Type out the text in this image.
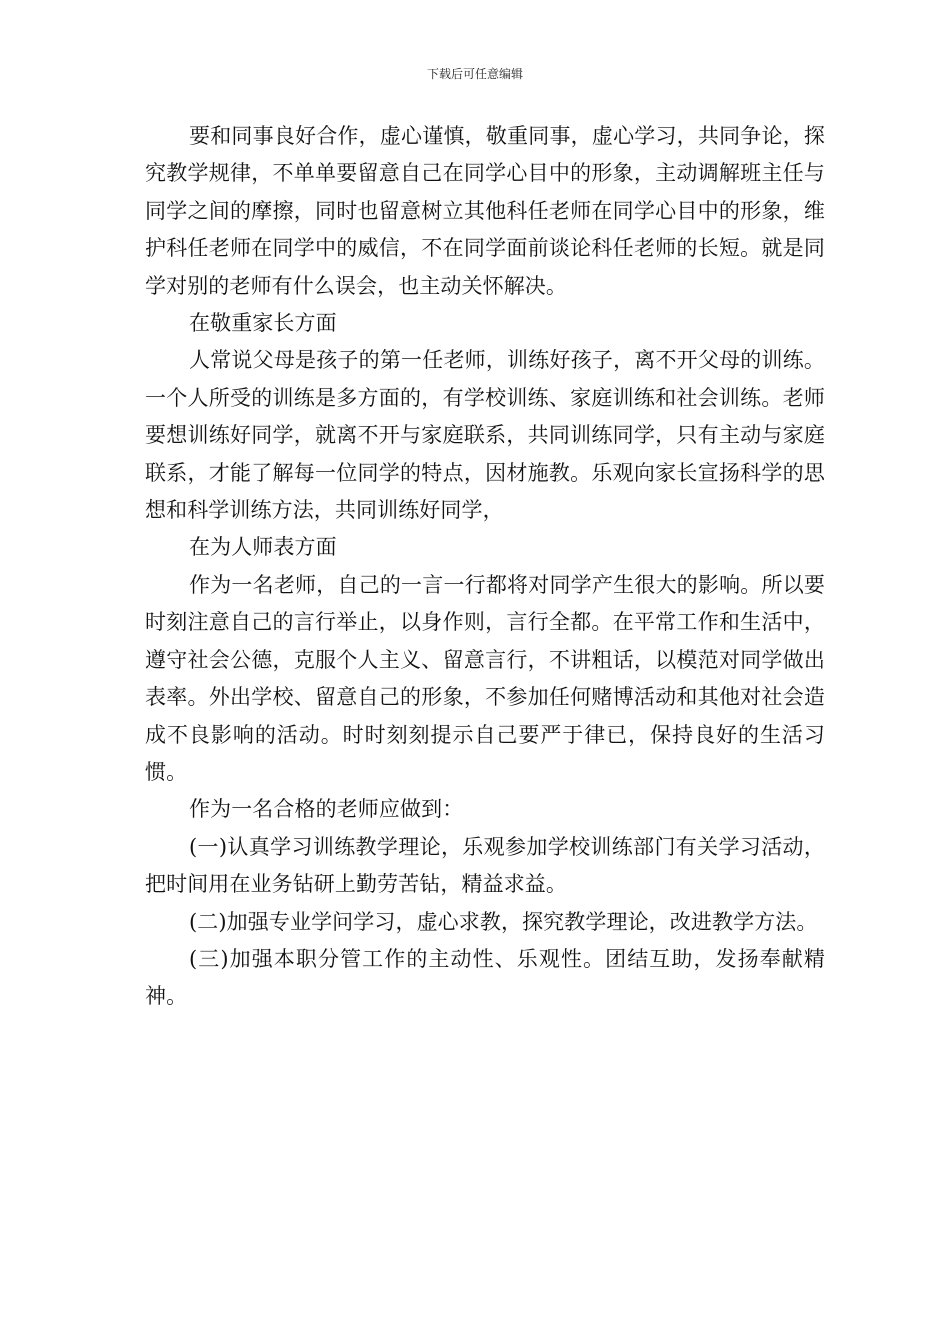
下载后可任意编辑

要和同事良好合作，虚心谨慎，敬重同事，虚心学习，共同争论，探究教学规律，不单单要留意自己在同学心目中的形象，主动调解班主任与同学之间的摩擦，同时也留意树立其他科任老师在同学心目中的形象，维护科任老师在同学中的威信，不在同学面前谈论科任老师的长短。就是同学对别的老师有什么误会，也主动关怀解决。

在敬重家长方面

人常说父母是孩子的第一任老师，训练好孩子，离不开父母的训练。一个人所受的训练是多方面的，有学校训练、家庭训练和社会训练。老师要想训练好同学，就离不开与家庭联系，共同训练同学，只有主动与家庭联系，才能了解每一位同学的特点，因材施教。乐观向家长宣扬科学的思想和科学训练方法，共同训练好同学，

在为人师表方面

作为一名老师，自己的一言一行都将对同学产生很大的影响。所以要时刻注意自己的言行举止，以身作则，言行全都。在平常工作和生活中，遵守社会公德，克服个人主义、留意言行，不讲粗话，以模范对同学做出表率。外出学校、留意自己的形象，不参加任何赌博活动和其他对社会造成不良影响的活动。时时刻刻提示自己要严于律已，保持良好的生活习惯。

作为一名合格的老师应做到：

(一)认真学习训练教学理论，乐观参加学校训练部门有关学习活动，把时间用在业务钻研上勤劳苦钻，精益求益。

(二)加强专业学问学习，虚心求教，探究教学理论，改进教学方法。

(三)加强本职分管工作的主动性、乐观性。团结互助，发扬奉献精神。
